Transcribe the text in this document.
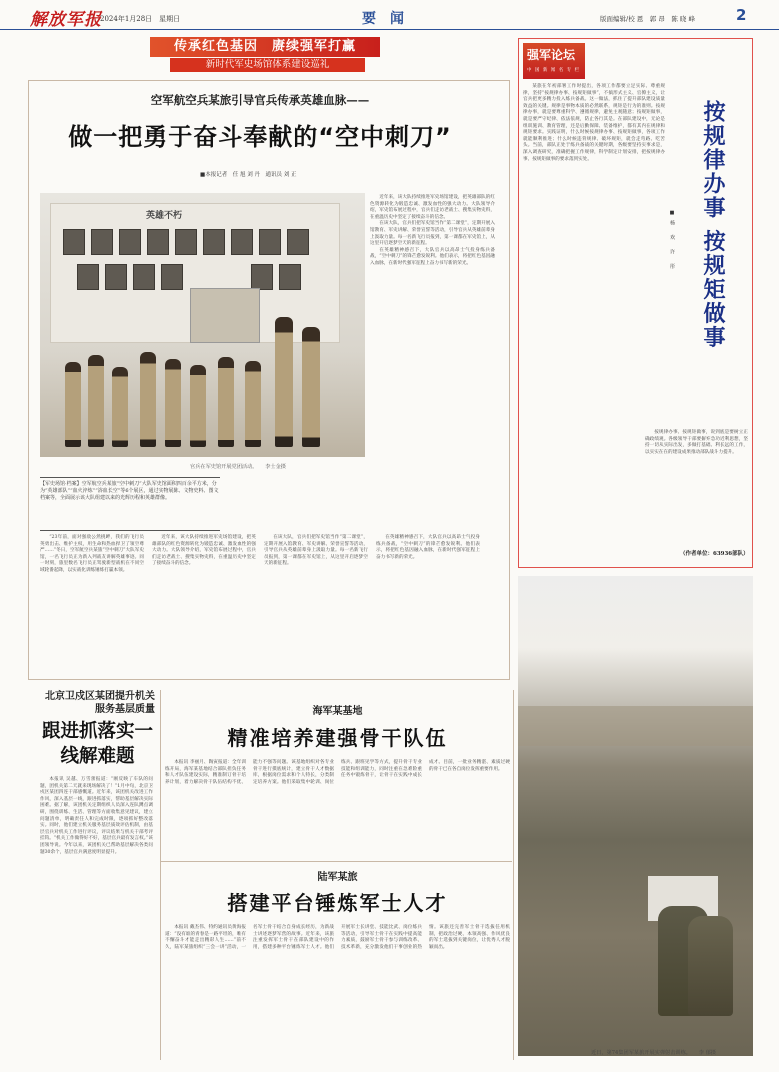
解放军报
2024年1月28日　星期日	要　闻	版面编辑/校 恩　郭 昂　陈 晓 峰	2
传承红色基因　赓续强军打赢
新时代军史场馆体系建设巡礼
空军航空兵某旅引导官兵传承英雄血脉——
做一把勇于奋斗奉献的“空中刺刀”
■本报记者　任 旭 刘 丹　通讯员 刘 正
英雄不朽
官兵在军史馆开展党团活动。　　李士金摄

近年来，该大队持续推进军史场馆建设，把英雄部队的红色资源转化为锻造忠诚、激发血性的强大动力。大队领导介绍，军史馆布展过程中，官兵们走访老战士、搜集实物史料，在重温历史中坚定了接续奋斗的信念。

在该大队，官兵们把军史馆当作“第二课堂”，定期开展入馆教育、军史讲解、荣誉宣誓等活动，引导官兵从英雄前辈身上汲取力量。每一名新飞行员报到，第一课都在军史馆上，从这里开启逐梦空天的新征程。

在英雄精神感召下，大队官兵以高昂士气投身练兵备战，“空中刺刀”的锋芒愈发锐利。他们表示，将把红色基因融入血脉，在新时代强军征程上奋力书写新的荣光。

【军史场馆·档案】空军航空兵某旅“空中刺刀”大队军史馆面积四百余平方米，分为“英雄部队”“血火淬炼”“浴血长空”等6个展区，通过实物展陈、文物史料、图文档案等，全面展示该大队组建以来的光辉历程和英雄群像。

“23年前，面对强敌公然挑衅，我们的飞行员英勇出击、维护主权，用生命和热血捍卫了领空尊严……”冬日，空军航空兵某旅“空中刺刀”大队军史馆，一名飞行员正为新入列战友讲解英雄事迹。同一时刻，旅里数名飞行员正驾驶新型战机在不同空域轮番起降，以实战化训练锤炼打赢本领。

近年来，该大队持续推进军史场馆建设，把英雄部队的红色资源转化为锻造忠诚、激发血性的强大动力。大队领导介绍，军史馆布展过程中，官兵们走访老战士、搜集实物史料，在重温历史中坚定了接续奋斗的信念。

在该大队，官兵们把军史馆当作“第二课堂”，定期开展入馆教育、军史讲解、荣誉宣誓等活动，引导官兵从英雄前辈身上汲取力量。每一名新飞行员报到，第一课都在军史馆上，从这里开启逐梦空天的新征程。

在英雄精神感召下，大队官兵以高昂士气投身练兵备战，“空中刺刀”的锋芒愈发锐利。他们表示，将把红色基因融入血脉，在新时代强军征程上奋力书写新的荣光。

强军论坛
中 国 新 闻 名 专 栏

某旅在年初部署工作时提出，各项工作都要立足实际、尊重规律，坚持“按规律办事、按规矩做事”，不搞形式主义、官僚主义，让官兵把更多精力投入练兵备战。这一做法，抓住了提升部队建设质量效益的关键。规律是事物本质的必然联系，规矩是行为的准则。按规律办事，就是要尊重科学、遵循规律，避免主观随意；按规矩做事，就是要严守纪律、依法依规，防止各行其是。在部队建设中，无论是组训施训、教育管理，还是后勤保障、装备维护，都有其内在规律和规矩要求。实践证明，什么时候按规律办事、按规矩做事，各项工作就能顺利推进；什么时候违背规律、破坏规矩，就会走弯路、吃苦头。当前，部队正处于练兵备战的关键时期，各级要坚持实事求是，深入调查研究，准确把握工作规律，科学制定计划安排，把按规律办事、按规矩做事的要求落到实处。	按规律办事 按规矩做事
■杨 欢 许 彤

按规律办事、按规矩做事，说到底是要树立正确政绩观。各级领导干部要摒弃急功近利思想，坚持一切从实际出发，多做打基础、利长远的工作，以实实在在的建设成果推动部队战斗力提升。

（作者单位：63936部队）
近日，第74集团军某旅开展实弹射击训练。　　李 郁摄
北京卫戍区某团提升机关服务基层质量
跟进抓落实一线解难题

本报讯 吴越、万雪蕾报道：“刚反映了车队的问题，团机关第二天就来现场解决了！”1月中旬，北京卫戍区某团四连干部感慨道。近年来，该团机关改进工作作风，深入基层一线，跟进抓落实，帮助基层解决实际困难。据了解，该团机关定期组织人员深入连队蹲点调研，围绕训练、生活、管理等方面收集意见建议，建立问题清单，明确责任人和完成时限，逐项抓好整改落实。同时，他们建立机关服务基层质效评估机制，由基层官兵对机关工作进行评议，评议结果与机关干部考评挂钩。“机关工作做得好不好，基层官兵最有发言权。”该团领导说。今年以来，该团机关已帮助基层解决各类问题30余个，基层官兵满意度明显提升。

海军某基地
精准培养建强骨干队伍

本报讯 李丽月、陶寅报道：全年训练开局，海军某基地结合部队担负任务和人才队伍建设实际，精准制订骨干培养计划，着力解决骨干队伍结构不优、能力不强等问题。该基地组织对各专业骨干进行摸底统计，建立骨干人才数据库，根据岗位需求和个人特长，分类制定培养方案。他们采取集中轮训、岗位练兵、跟班见学等方式，提升骨干专业技能和组训能力，同时注重在急难险重任务中锻炼骨干，让骨干在实践中成长成才。目前，一批业务精湛、素质过硬的骨干已在各自岗位发挥重要作用。

陆军某旅
搭建平台锤炼军士人才

本报讯 戴杰伟、特约通讯员黄海报道：“没有谁的青春是一路平坦的，唯有不懈奋斗才能走出精彩人生……”前不久，陆军某旅组织“三会一讲”活动，一名军士骨干结合自身成长经历，为新战士讲述逐梦军营的故事。近年来，该旅注重发挥军士骨干在部队建设中的作用，搭建多种平台锤炼军士人才。他们开展军士长讲堂、技能比武、岗位练兵等活动，引导军士骨干在实践中提高能力素质，鼓励军士骨干参与训练改革、技术革新，充分激发他们干事创业的热情。该旅还完善军士骨干选拔任用机制，把政治过硬、本领高强、作风优良的军士选拔到关键岗位，让优秀人才脱颖而出。
